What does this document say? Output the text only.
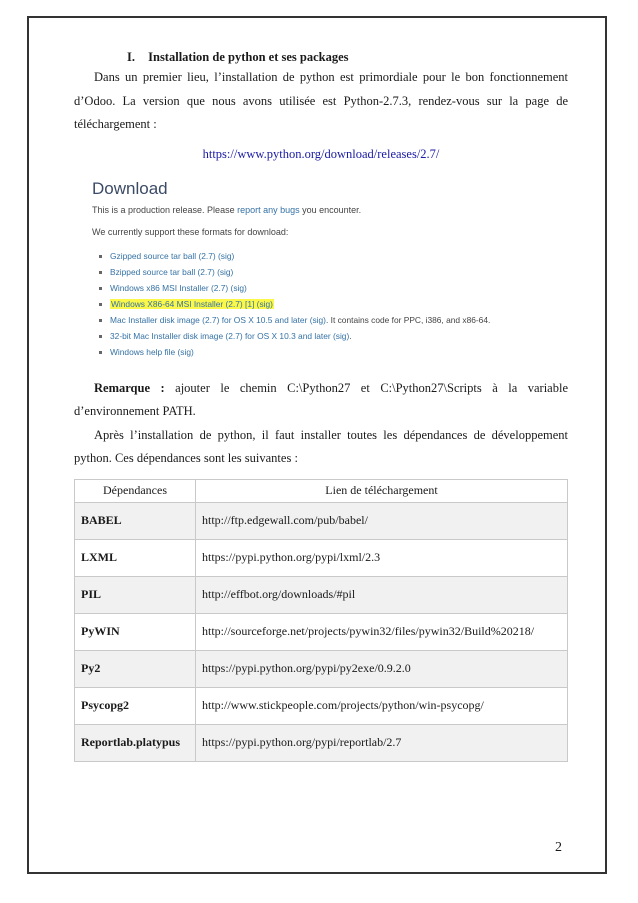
I. Installation de python et ses packages

Dans un premier lieu, l’installation de python est primordiale pour le bon fonctionnement d’Odoo. La version que nous avons utilisée est Python-2.7.3, rendez-vous sur la page de téléchargement :

https://www.python.org/download/releases/2.7/
Download
This is a production release. Please report any bugs you encounter.
We currently support these formats for download:
Gzipped source tar ball (2.7) (sig)
Bzipped source tar ball (2.7) (sig)
Windows x86 MSI Installer (2.7) (sig)
Windows X86-64 MSI Installer (2.7) [1] (sig)
Mac Installer disk image (2.7) for OS X 10.5 and later (sig). It contains code for PPC, i386, and x86-64.
32-bit Mac Installer disk image (2.7) for OS X 10.3 and later (sig).
Windows help file (sig)

Remarque : ajouter le chemin C:\Python27 et C:\Python27\Scripts à la variable d’environnement PATH.

Après l’installation de python, il faut installer toutes les dépendances de développement python. Ces dépendances sont les suivantes :

Dépendances	Lien de téléchargement
BABEL	http://ftp.edgewall.com/pub/babel/
LXML	https://pypi.python.org/pypi/lxml/2.3
PIL	http://effbot.org/downloads/#pil
PyWIN	http://sourceforge.net/projects/pywin32/files/pywin32/Build%20218/
Py2	https://pypi.python.org/pypi/py2exe/0.9.2.0
Psycopg2	http://www.stickpeople.com/projects/python/win-psycopg/
Reportlab.platypus	https://pypi.python.org/pypi/reportlab/2.7
2
